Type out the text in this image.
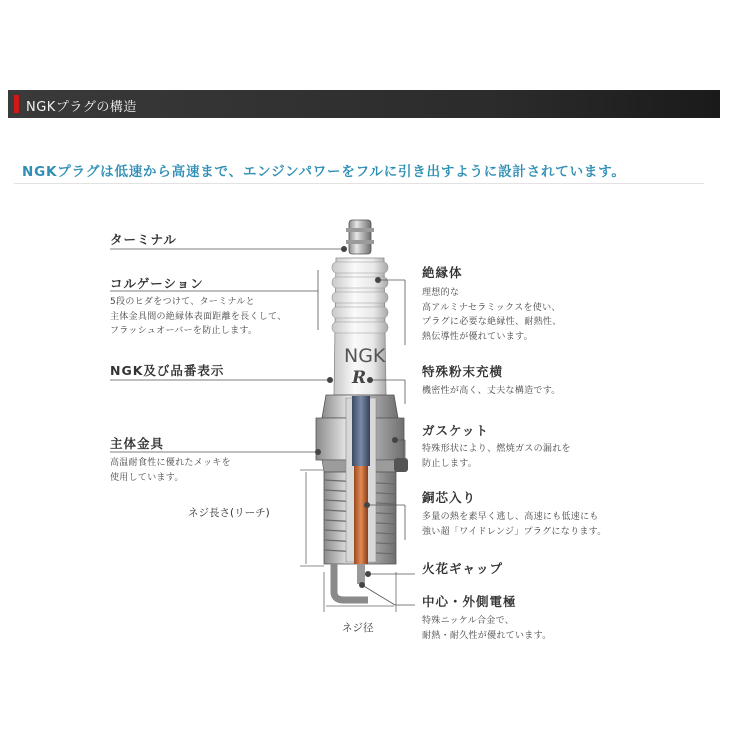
NGKプラグの構造
NGKプラグは低速から高速まで、エンジンパワーをフルに引き出すように設計されています。
NGK
R
ターミナル
コルゲーション
5段のヒダをつけて、ターミナルと
主体金具間の絶縁体表面距離を長くして、
フラッシュオーバーを防止します。
NGK及び品番表示
主体金具
高温耐食性に優れたメッキを
使用しています。
絶縁体
理想的な
高アルミナセラミックスを使い、
プラグに必要な絶縁性、耐熱性、
熱伝導性が優れています。
特殊粉末充横
機密性が高く、丈夫な構造です。
ガスケット
特殊形状により、燃焼ガスの漏れを
防止します。
銅芯入り
多量の熱を素早く逃し、高速にも低速にも
強い超「ワイドレンジ」プラグになります。
火花ギャップ
中心・外側電極
特殊ニッケル合金で、
耐熱・耐久性が優れています。
ネジ長さ(リーチ)
ネジ径
